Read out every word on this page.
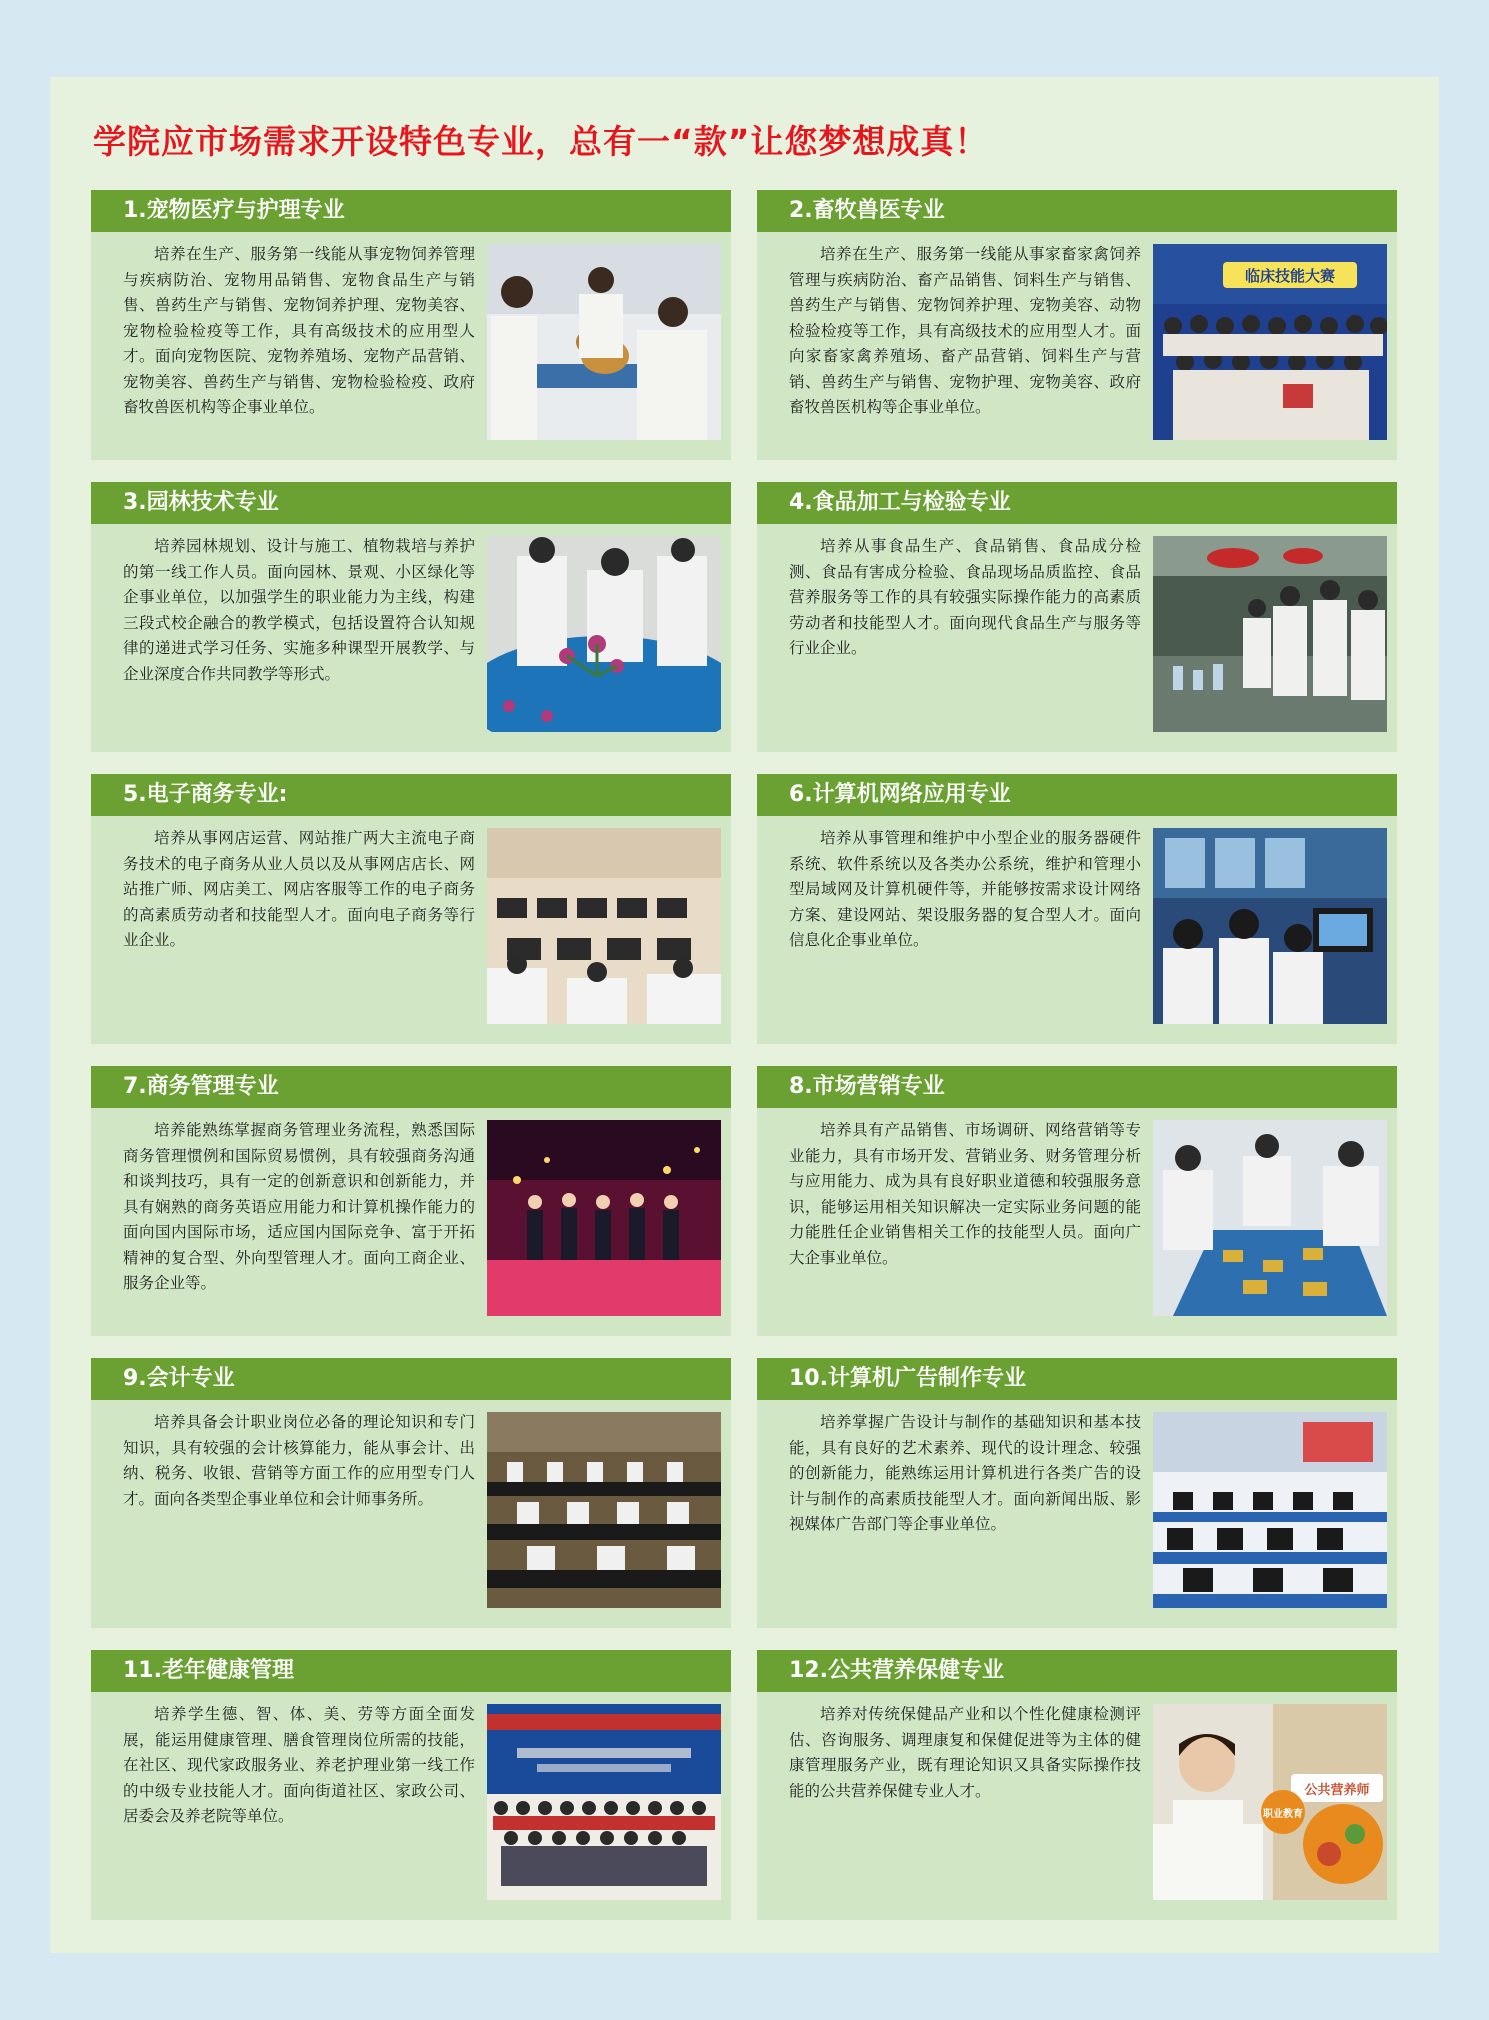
学院应市场需求开设特色专业，总有一“款”让您梦想成真！
1.宠物医疗与护理专业
培养在生产、服务第一线能从事宠物饲养管理与疾病防治、宠物用品销售、宠物食品生产与销售、兽药生产与销售、宠物饲养护理、宠物美容、宠物检验检疫等工作，具有高级技术的应用型人才。面向宠物医院、宠物养殖场、宠物产品营销、宠物美容、兽药生产与销售、宠物检验检疫、政府畜牧兽医机构等企事业单位。
2.畜牧兽医专业
培养在生产、服务第一线能从事家畜家禽饲养管理与疾病防治、畜产品销售、饲料生产与销售、兽药生产与销售、宠物饲养护理、宠物美容、动物检验检疫等工作，具有高级技术的应用型人才。面向家畜家禽养殖场、畜产品营销、饲料生产与营销、兽药生产与销售、宠物护理、宠物美容、政府畜牧兽医机构等企事业单位。
临床技能大赛
3.园林技术专业
培养园林规划、设计与施工、植物栽培与养护的第一线工作人员。面向园林、景观、小区绿化等企事业单位，以加强学生的职业能力为主线，构建三段式校企融合的教学模式，包括设置符合认知规律的递进式学习任务、实施多种课型开展教学、与企业深度合作共同教学等形式。
4.食品加工与检验专业
培养从事食品生产、食品销售、食品成分检测、食品有害成分检验、食品现场品质监控、食品营养服务等工作的具有较强实际操作能力的高素质劳动者和技能型人才。面向现代食品生产与服务等行业企业。
5.电子商务专业:
培养从事网店运营、网站推广两大主流电子商务技术的电子商务从业人员以及从事网店店长、网站推广师、网店美工、网店客服等工作的电子商务的高素质劳动者和技能型人才。面向电子商务等行业企业。
6.计算机网络应用专业
培养从事管理和维护中小型企业的服务器硬件系统、软件系统以及各类办公系统，维护和管理小型局域网及计算机硬件等，并能够按需求设计网络方案、建设网站、架设服务器的复合型人才。面向信息化企事业单位。
7.商务管理专业
培养能熟练掌握商务管理业务流程，熟悉国际商务管理惯例和国际贸易惯例，具有较强商务沟通和谈判技巧，具有一定的创新意识和创新能力，并具有娴熟的商务英语应用能力和计算机操作能力的面向国内国际市场，适应国内国际竞争、富于开拓精神的复合型、外向型管理人才。面向工商企业、服务企业等。
8.市场营销专业
培养具有产品销售、市场调研、网络营销等专业能力，具有市场开发、营销业务、财务管理分析与应用能力、成为具有良好职业道德和较强服务意识，能够运用相关知识解决一定实际业务问题的能力能胜任企业销售相关工作的技能型人员。面向广大企事业单位。
9.会计专业
培养具备会计职业岗位必备的理论知识和专门知识，具有较强的会计核算能力，能从事会计、出纳、税务、收银、营销等方面工作的应用型专门人才。面向各类型企事业单位和会计师事务所。
10.计算机广告制作专业
培养掌握广告设计与制作的基础知识和基本技能，具有良好的艺术素养、现代的设计理念、较强的创新能力，能熟练运用计算机进行各类广告的设计与制作的高素质技能型人才。面向新闻出版、影视媒体广告部门等企事业单位。
11.老年健康管理
培养学生德、智、体、美、劳等方面全面发展，能运用健康管理、膳食管理岗位所需的技能，在社区、现代家政服务业、养老护理业第一线工作的中级专业技能人才。面向街道社区、家政公司、居委会及养老院等单位。
12.公共营养保健专业
培养对传统保健品产业和以个性化健康检测评估、咨询服务、调理康复和保健促进等为主体的健康管理服务产业，既有理论知识又具备实际操作技能的公共营养保健专业人才。	公共营养师
职业教育
